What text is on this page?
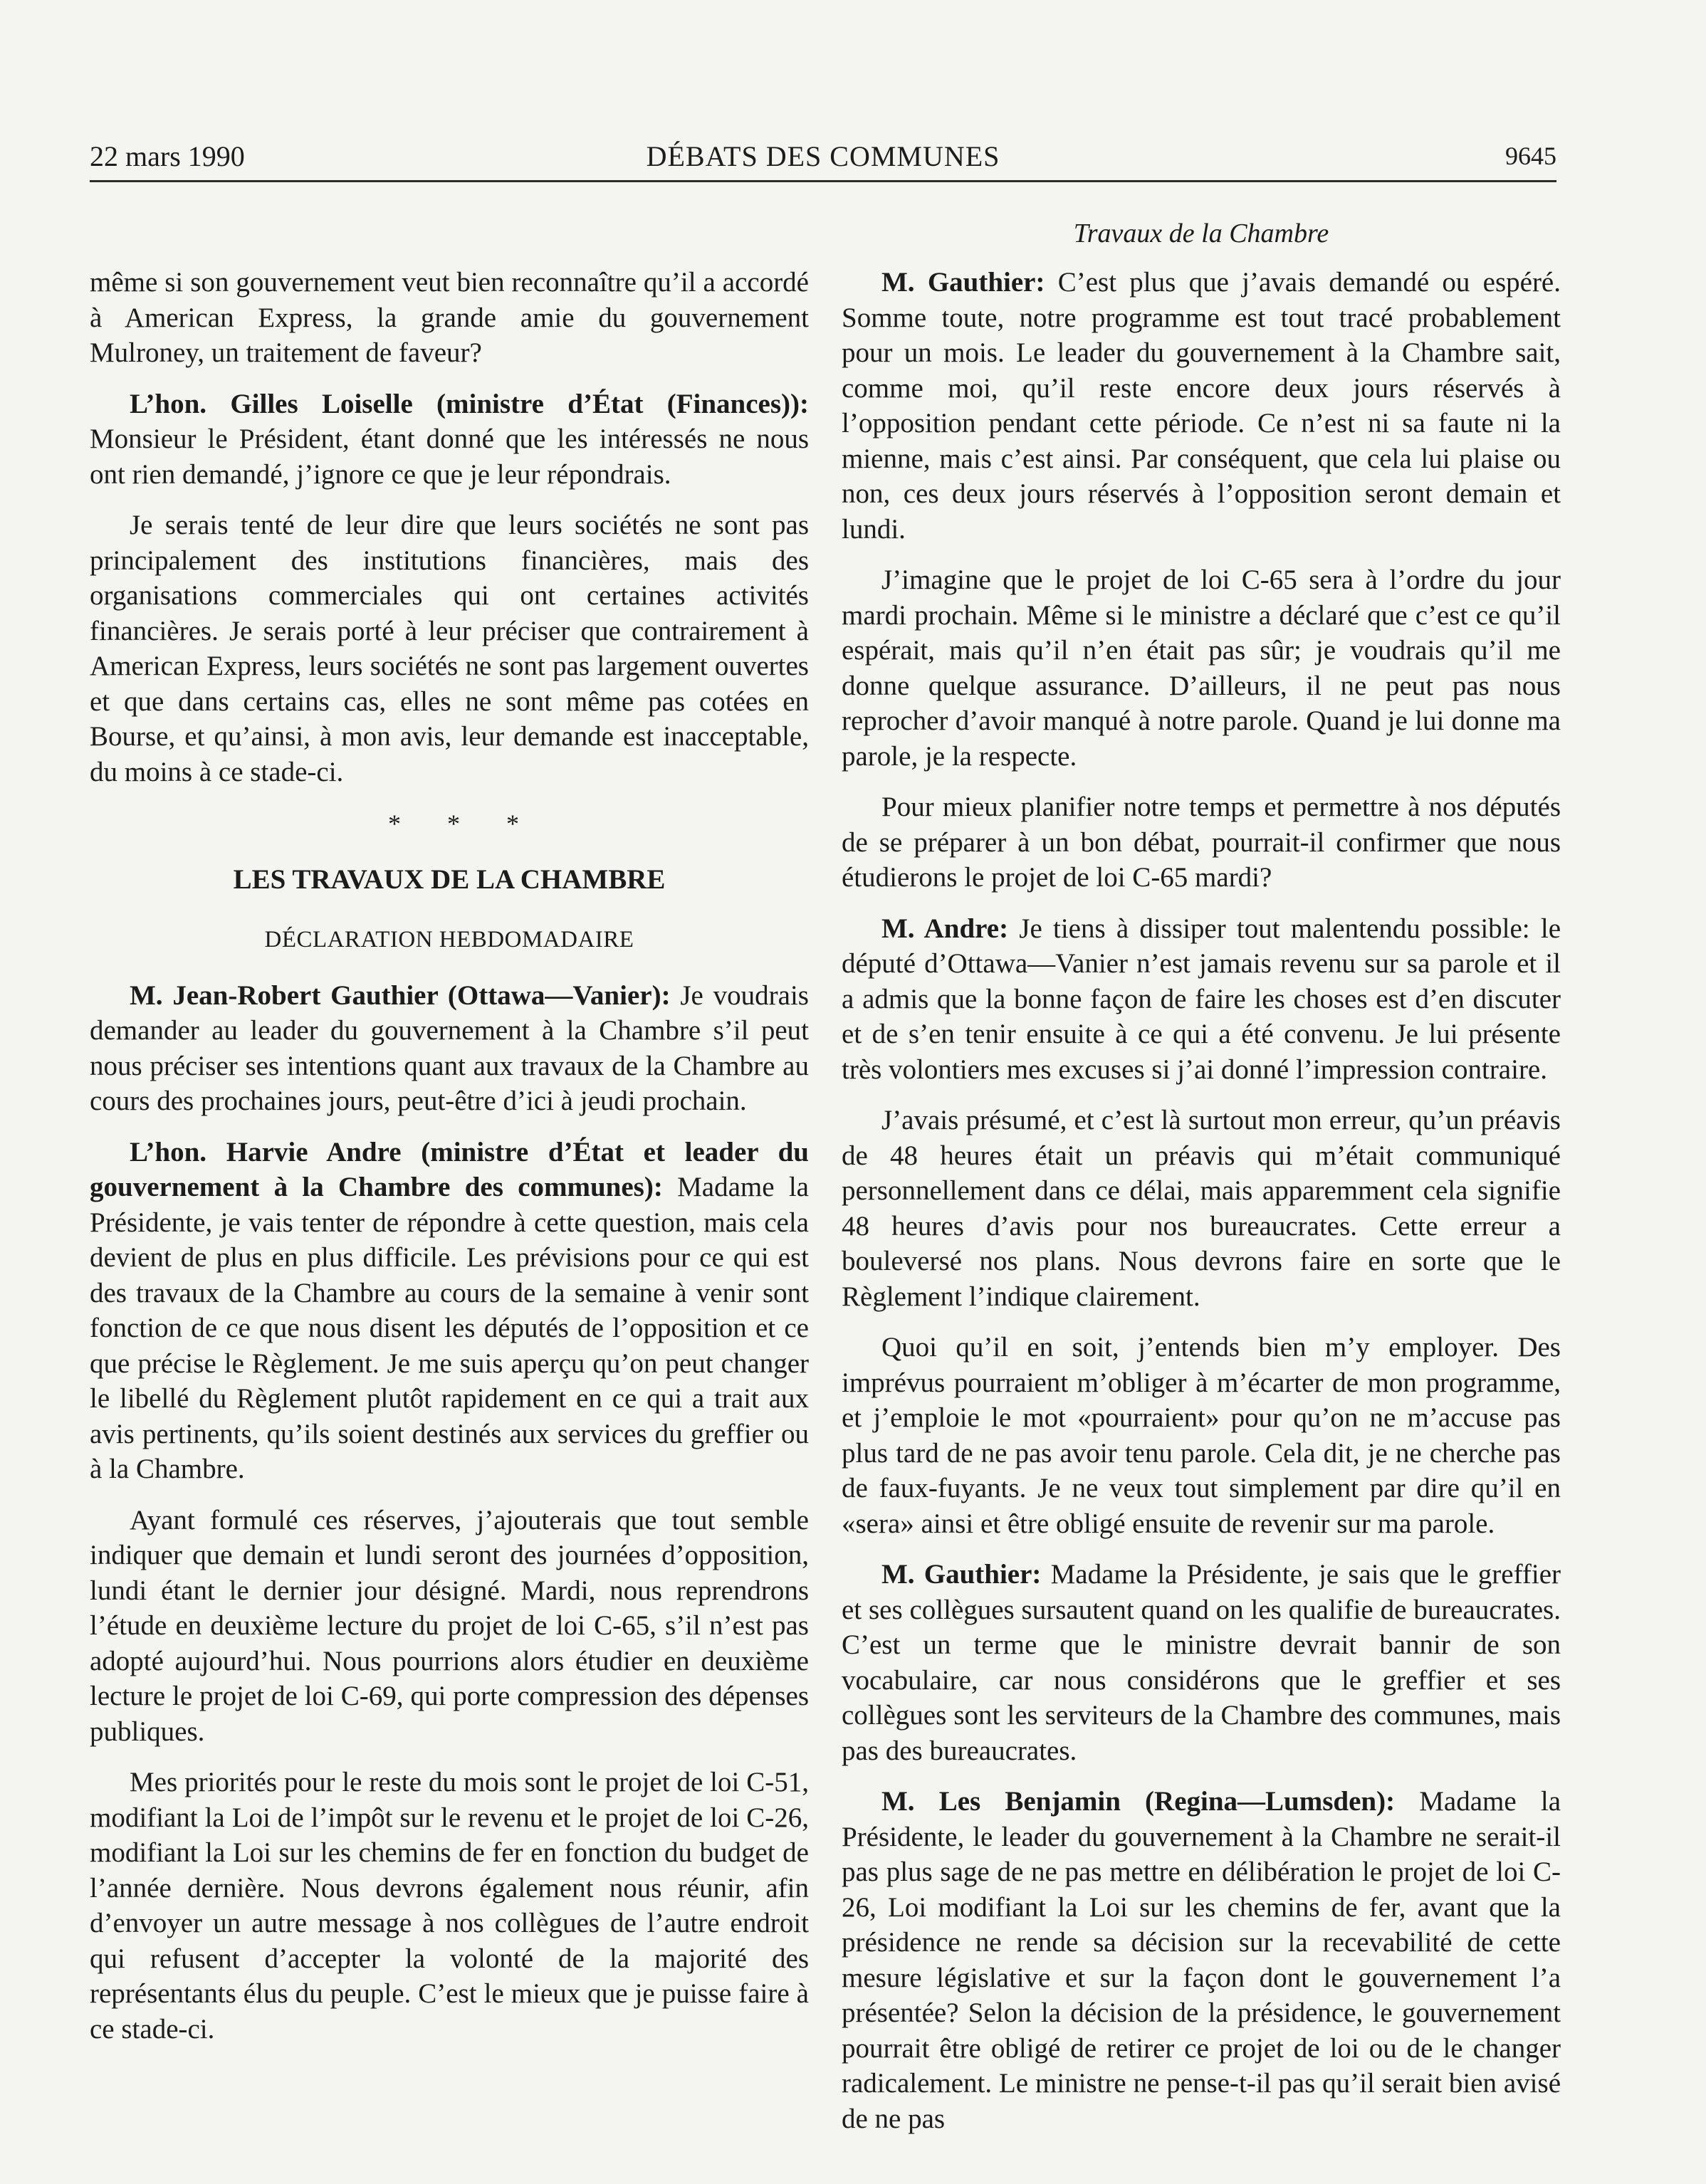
22 mars 1990	DÉBATS DES COMMUNES	9645
Travaux de la Chambre

même si son gouvernement veut bien reconnaître qu’il a accordé à American Express, la grande amie du gouvernement Mulroney, un traitement de faveur?

L’hon. Gilles Loiselle (ministre d’État (Finances)): Monsieur le Président, étant donné que les intéressés ne nous ont rien demandé, j’ignore ce que je leur répondrais.

Je serais tenté de leur dire que leurs sociétés ne sont pas principalement des institutions financières, mais des organisations commerciales qui ont certaines activités financières. Je serais porté à leur préciser que contrairement à American Express, leurs sociétés ne sont pas largement ouvertes et que dans certains cas, elles ne sont même pas cotées en Bourse, et qu’ainsi, à mon avis, leur demande est inacceptable, du moins à ce stade-ci.

* * *
LES TRAVAUX DE LA CHAMBRE
DÉCLARATION HEBDOMADAIRE

M. Jean-Robert Gauthier (Ottawa—Vanier): Je voudrais demander au leader du gouvernement à la Chambre s’il peut nous préciser ses intentions quant aux travaux de la Chambre au cours des prochaines jours, peut-être d’ici à jeudi prochain.

L’hon. Harvie Andre (ministre d’État et leader du gouvernement à la Chambre des communes): Madame la Présidente, je vais tenter de répondre à cette question, mais cela devient de plus en plus difficile. Les prévisions pour ce qui est des travaux de la Chambre au cours de la semaine à venir sont fonction de ce que nous disent les députés de l’opposition et ce que précise le Règlement. Je me suis aperçu qu’on peut changer le libellé du Règlement plutôt rapidement en ce qui a trait aux avis pertinents, qu’ils soient destinés aux services du greffier ou à la Chambre.

Ayant formulé ces réserves, j’ajouterais que tout semble indiquer que demain et lundi seront des journées d’opposition, lundi étant le dernier jour désigné. Mardi, nous reprendrons l’étude en deuxième lecture du projet de loi C-65, s’il n’est pas adopté aujourd’hui. Nous pourrions alors étudier en deuxième lecture le projet de loi C-69, qui porte compression des dépenses publiques.

Mes priorités pour le reste du mois sont le projet de loi C-51, modifiant la Loi de l’impôt sur le revenu et le projet de loi C-26, modifiant la Loi sur les chemins de fer en fonction du budget de l’année dernière. Nous devrons également nous réunir, afin d’envoyer un autre message à nos collègues de l’autre endroit qui refusent d’accepter la volonté de la majorité des représentants élus du peuple. C’est le mieux que je puisse faire à ce stade-ci.

M. Gauthier: C’est plus que j’avais demandé ou espéré. Somme toute, notre programme est tout tracé probablement pour un mois. Le leader du gouvernement à la Chambre sait, comme moi, qu’il reste encore deux jours réservés à l’opposition pendant cette période. Ce n’est ni sa faute ni la mienne, mais c’est ainsi. Par conséquent, que cela lui plaise ou non, ces deux jours réservés à l’opposition seront demain et lundi.

J’imagine que le projet de loi C-65 sera à l’ordre du jour mardi prochain. Même si le ministre a déclaré que c’est ce qu’il espérait, mais qu’il n’en était pas sûr; je voudrais qu’il me donne quelque assurance. D’ailleurs, il ne peut pas nous reprocher d’avoir manqué à notre parole. Quand je lui donne ma parole, je la respecte.

Pour mieux planifier notre temps et permettre à nos députés de se préparer à un bon débat, pourrait-il confirmer que nous étudierons le projet de loi C-65 mardi?

M. Andre: Je tiens à dissiper tout malentendu possible: le député d’Ottawa—Vanier n’est jamais revenu sur sa parole et il a admis que la bonne façon de faire les choses est d’en discuter et de s’en tenir ensuite à ce qui a été convenu. Je lui présente très volontiers mes excuses si j’ai donné l’impression contraire.

J’avais présumé, et c’est là surtout mon erreur, qu’un préavis de 48 heures était un préavis qui m’était communiqué personnellement dans ce délai, mais apparemment cela signifie 48 heures d’avis pour nos bureaucrates. Cette erreur a bouleversé nos plans. Nous devrons faire en sorte que le Règlement l’indique clairement.

Quoi qu’il en soit, j’entends bien m’y employer. Des imprévus pourraient m’obliger à m’écarter de mon programme, et j’emploie le mot «pourraient» pour qu’on ne m’accuse pas plus tard de ne pas avoir tenu parole. Cela dit, je ne cherche pas de faux-fuyants. Je ne veux tout simplement par dire qu’il en «sera» ainsi et être obligé ensuite de revenir sur ma parole.

M. Gauthier: Madame la Présidente, je sais que le greffier et ses collègues sursautent quand on les qualifie de bureaucrates. C’est un terme que le ministre devrait bannir de son vocabulaire, car nous considérons que le greffier et ses collègues sont les serviteurs de la Chambre des communes, mais pas des bureaucrates.

M. Les Benjamin (Regina—Lumsden): Madame la Présidente, le leader du gouvernement à la Chambre ne serait-il pas plus sage de ne pas mettre en délibération le projet de loi C-26, Loi modifiant la Loi sur les chemins de fer, avant que la présidence ne rende sa décision sur la recevabilité de cette mesure législative et sur la façon dont le gouvernement l’a présentée? Selon la décision de la présidence, le gouvernement pourrait être obligé de retirer ce projet de loi ou de le changer radicalement. Le ministre ne pense-t-il pas qu’il serait bien avisé de ne pas
